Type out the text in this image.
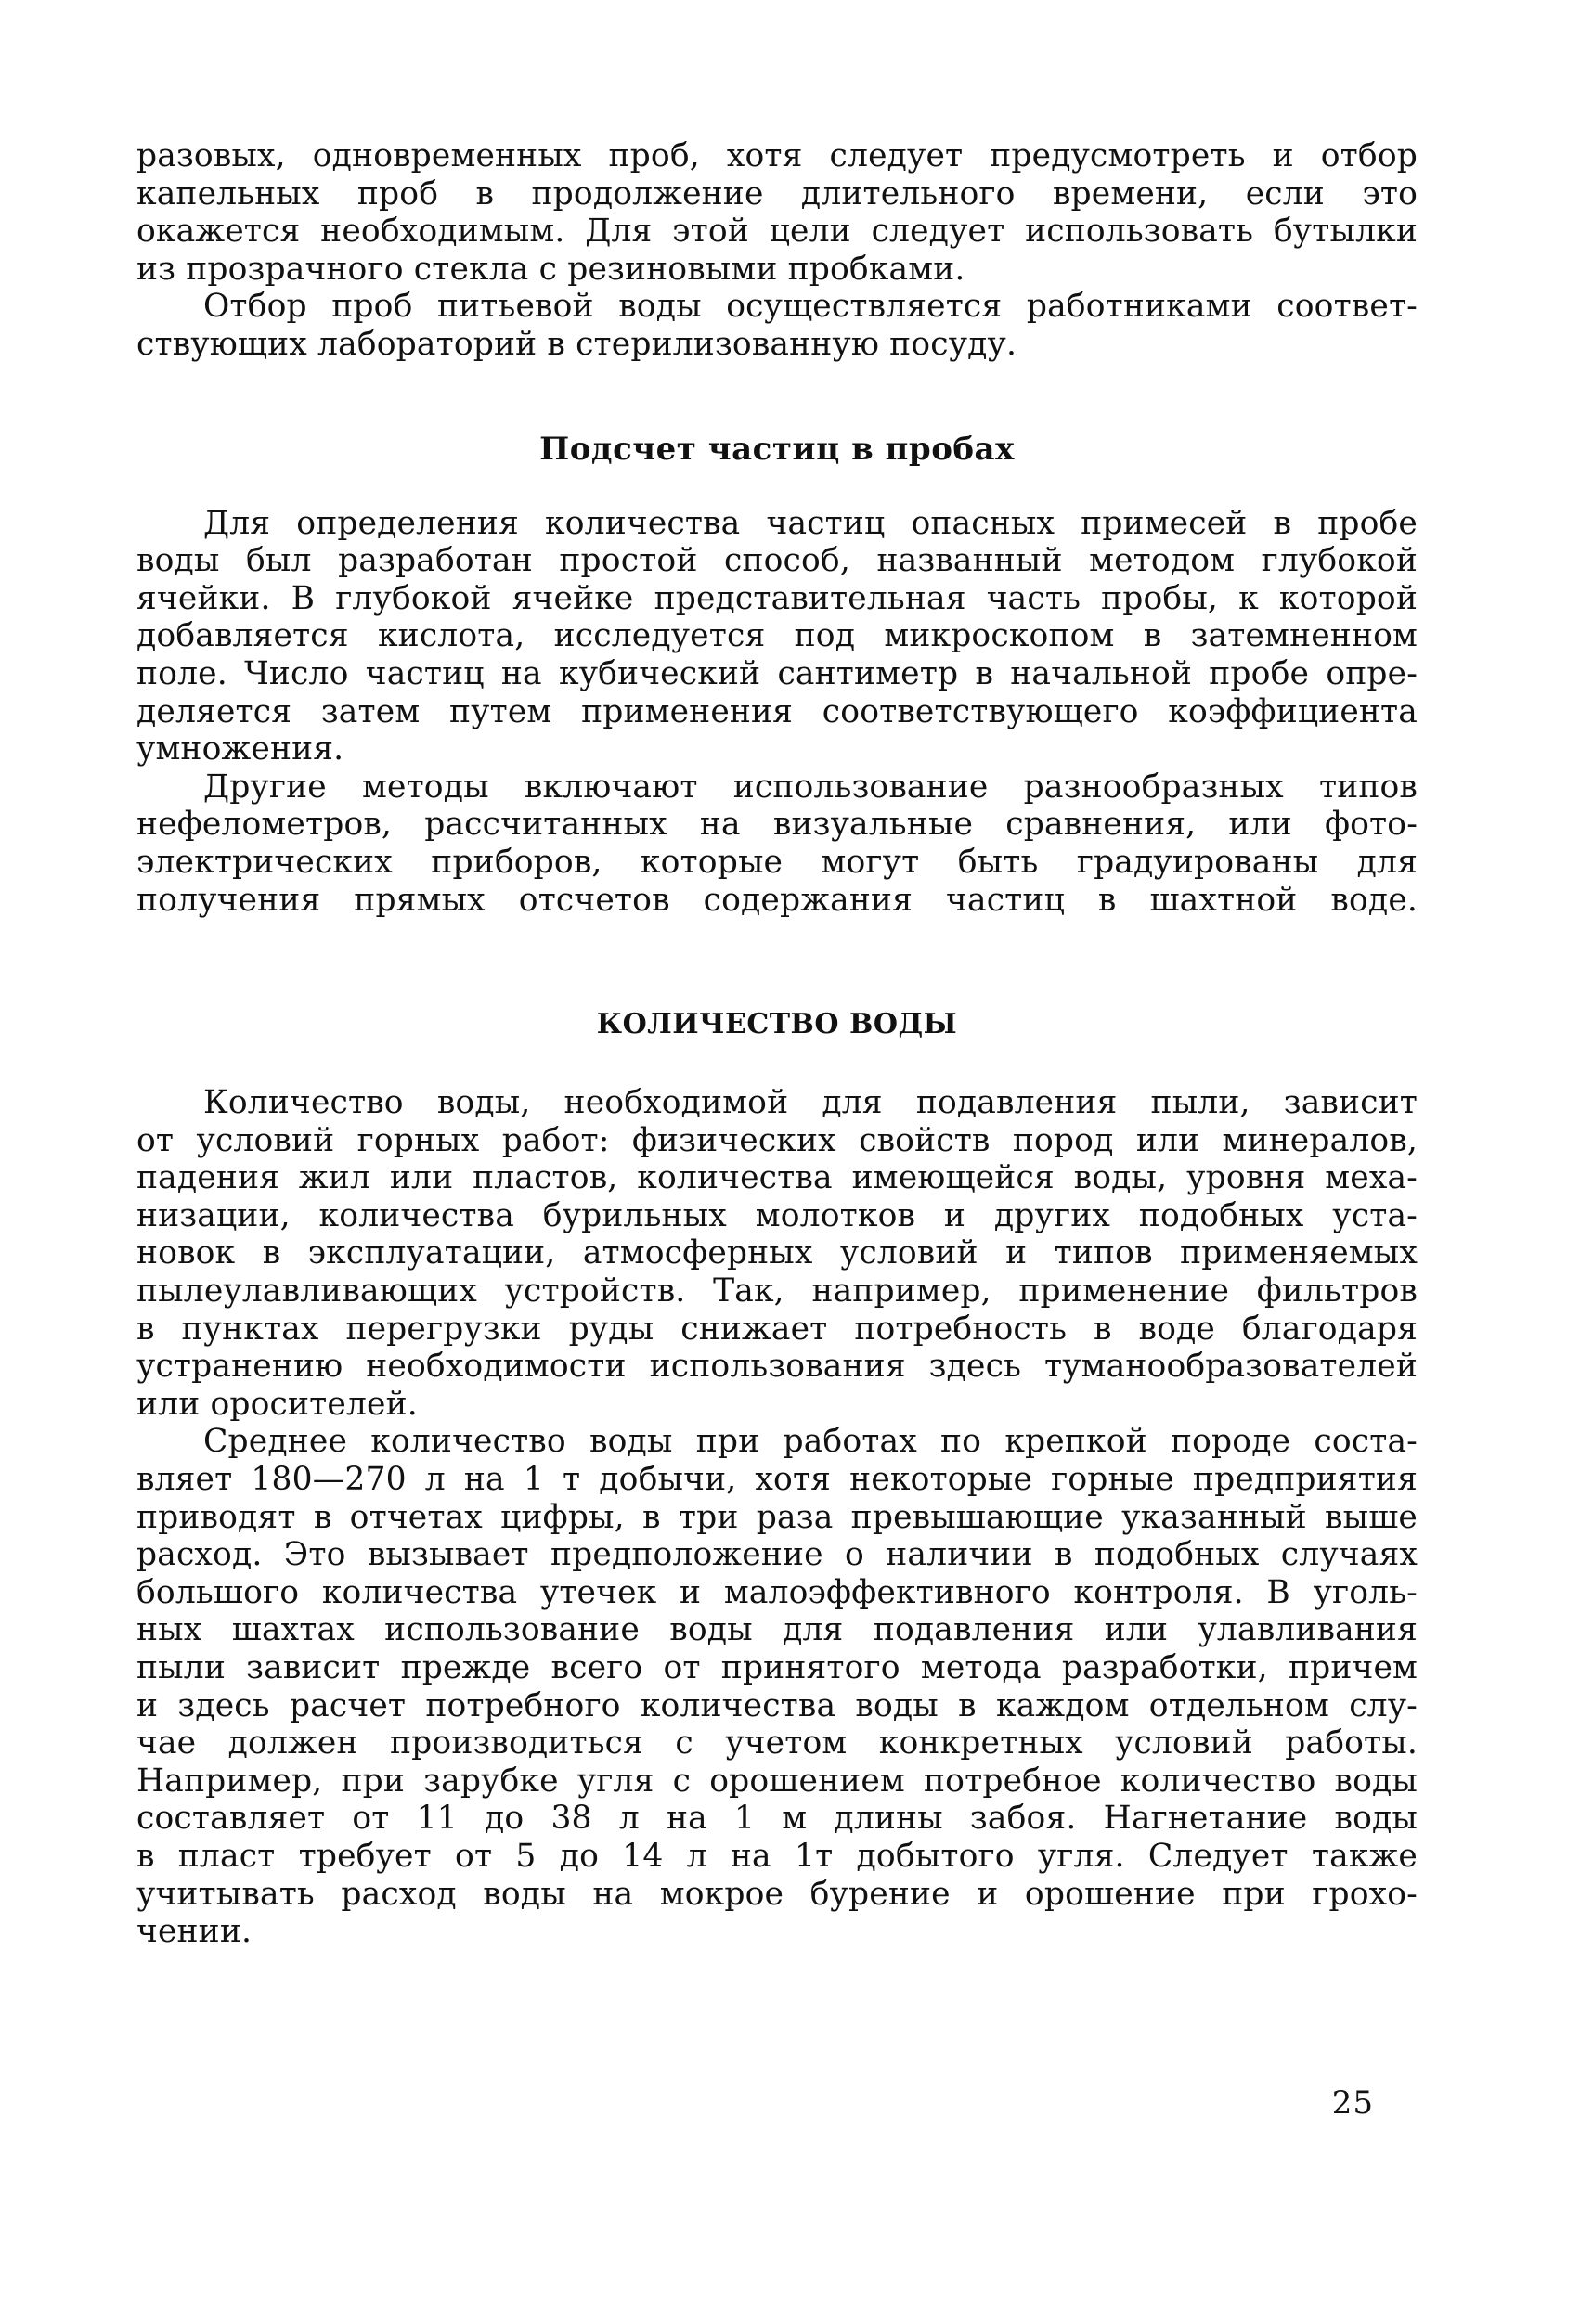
разовых, одновременных проб, хотя следует предусмотреть и отбор
капельных проб в продолжение длительного времени, если это
окажется необходимым. Для этой цели следует использовать бутылки
из прозрачного стекла с резиновыми пробками.
Отбор проб питьевой воды осуществляется работниками соответ-
ствующих лабораторий в стерилизованную посуду.
Подсчет частиц в пробах
Для определения количества частиц опасных примесей в пробе
воды был разработан простой способ, названный методом глубокой
ячейки. В глубокой ячейке представительная часть пробы, к которой
добавляется кислота, исследуется под микроскопом в затемненном
поле. Число частиц на кубический сантиметр в начальной пробе опре-
деляется затем путем применения соответствующего коэффициента
умножения.
Другие методы включают использование разнообразных типов
нефелометров, рассчитанных на визуальные сравнения, или фото-
электрических приборов, которые могут быть градуированы для
получения прямых отсчетов содержания частиц в шахтной воде.
КОЛИЧЕСТВО ВОДЫ
Количество воды, необходимой для подавления пыли, зависит
от условий горных работ: физических свойств пород или минералов,
падения жил или пластов, количества имеющейся воды, уровня меха-
низации, количества бурильных молотков и других подобных уста-
новок в эксплуатации, атмосферных условий и типов применяемых
пылеулавливающих устройств. Так, например, применение фильтров
в пунктах перегрузки руды снижает потребность в воде благодаря
устранению необходимости использования здесь туманообразователей
или оросителей.
Среднее количество воды при работах по крепкой породе соста-
вляет 180—270 л на 1 т добычи, хотя некоторые горные предприятия
приводят в отчетах цифры, в три раза превышающие указанный выше
расход. Это вызывает предположение о наличии в подобных случаях
большого количества утечек и малоэффективного контроля. В уголь-
ных шахтах использование воды для подавления или улавливания
пыли зависит прежде всего от принятого метода разработки, причем
и здесь расчет потребного количества воды в каждом отдельном слу-
чае должен производиться с учетом конкретных условий работы.
Например, при зарубке угля с орошением потребное количество воды
составляет от 11 до 38 л на 1 м длины забоя. Нагнетание воды
в пласт требует от 5 до 14 л на 1т добытого угля. Следует также
учитывать расход воды на мокрое бурение и орошение при грохо-
чении.
25
